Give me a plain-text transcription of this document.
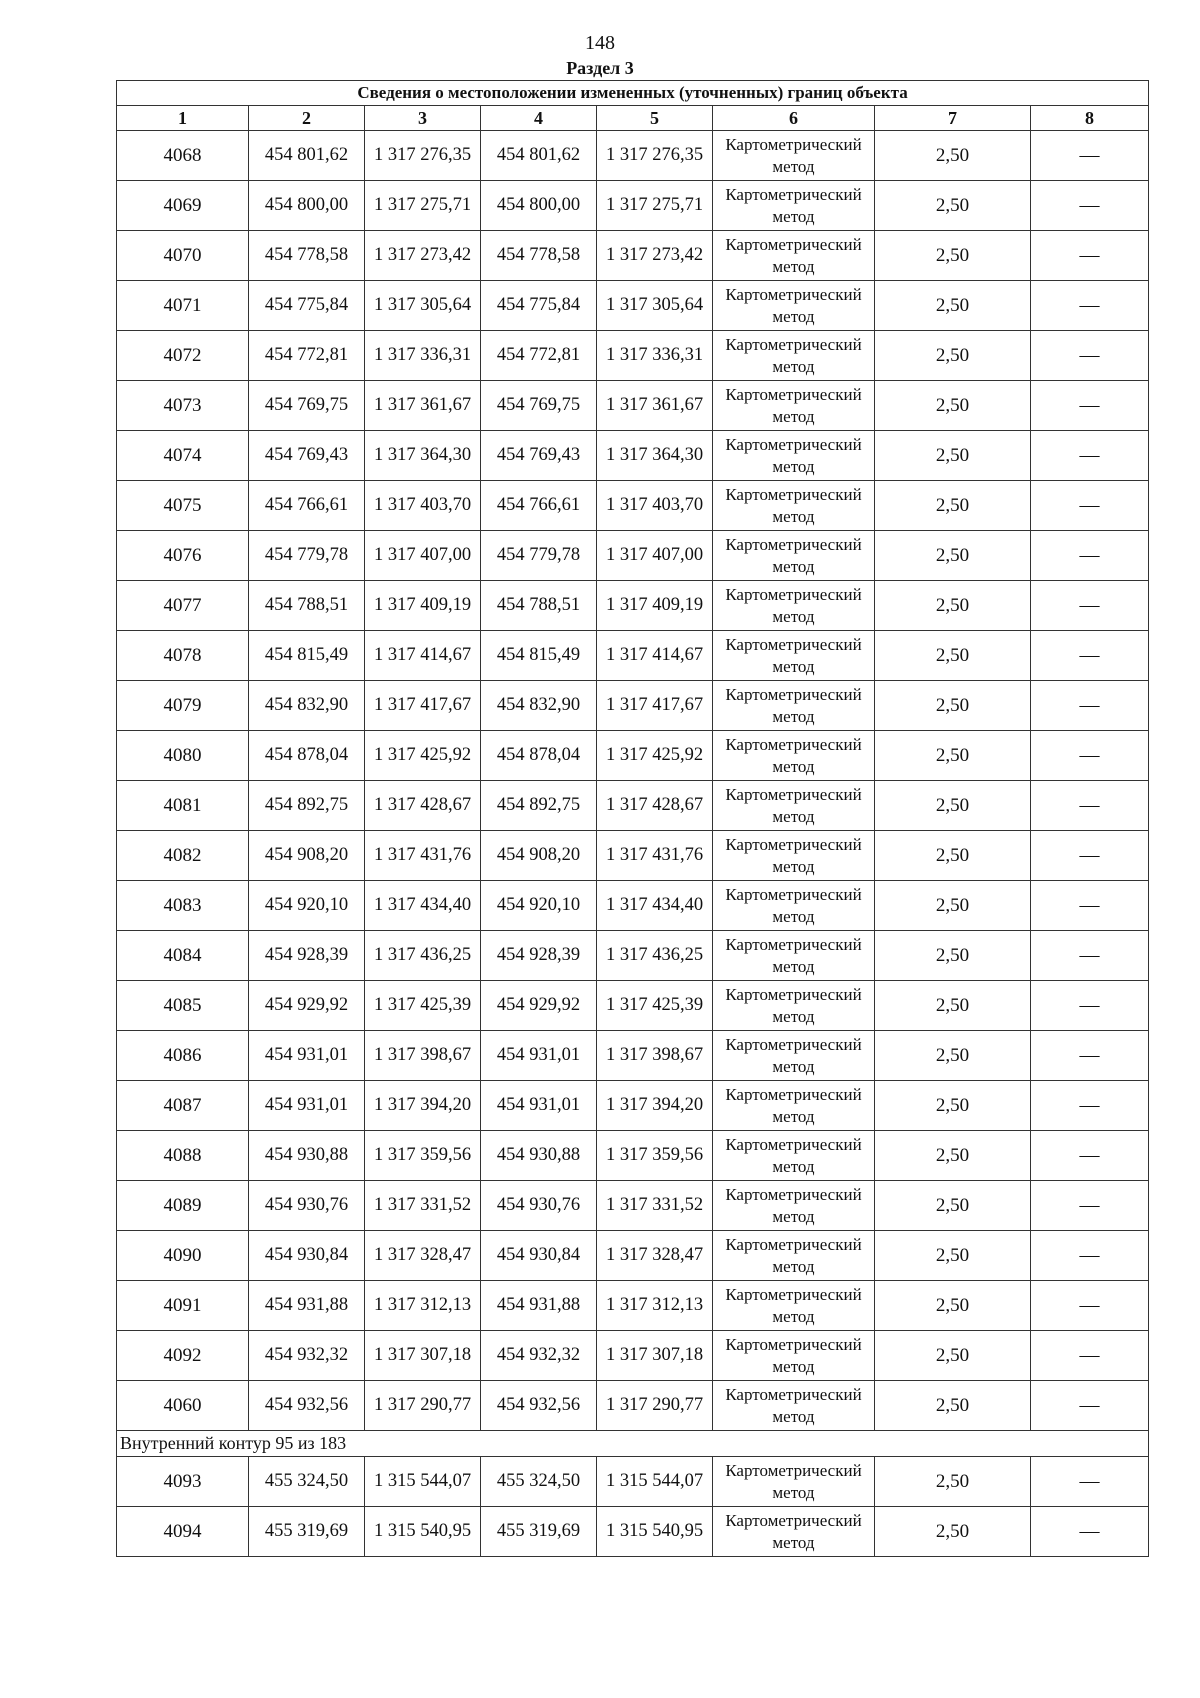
148
Раздел 3
Сведения о местоположении измененных (уточненных) границ объекта							
1	2	3	4	5	6	7	8
4068	454 801,62	1 317 276,35	454 801,62	1 317 276,35	Картометрический метод	2,50	—
4069	454 800,00	1 317 275,71	454 800,00	1 317 275,71	Картометрический метод	2,50	—
4070	454 778,58	1 317 273,42	454 778,58	1 317 273,42	Картометрический метод	2,50	—
4071	454 775,84	1 317 305,64	454 775,84	1 317 305,64	Картометрический метод	2,50	—
4072	454 772,81	1 317 336,31	454 772,81	1 317 336,31	Картометрический метод	2,50	—
4073	454 769,75	1 317 361,67	454 769,75	1 317 361,67	Картометрический метод	2,50	—
4074	454 769,43	1 317 364,30	454 769,43	1 317 364,30	Картометрический метод	2,50	—
4075	454 766,61	1 317 403,70	454 766,61	1 317 403,70	Картометрический метод	2,50	—
4076	454 779,78	1 317 407,00	454 779,78	1 317 407,00	Картометрический метод	2,50	—
4077	454 788,51	1 317 409,19	454 788,51	1 317 409,19	Картометрический метод	2,50	—
4078	454 815,49	1 317 414,67	454 815,49	1 317 414,67	Картометрический метод	2,50	—
4079	454 832,90	1 317 417,67	454 832,90	1 317 417,67	Картометрический метод	2,50	—
4080	454 878,04	1 317 425,92	454 878,04	1 317 425,92	Картометрический метод	2,50	—
4081	454 892,75	1 317 428,67	454 892,75	1 317 428,67	Картометрический метод	2,50	—
4082	454 908,20	1 317 431,76	454 908,20	1 317 431,76	Картометрический метод	2,50	—
4083	454 920,10	1 317 434,40	454 920,10	1 317 434,40	Картометрический метод	2,50	—
4084	454 928,39	1 317 436,25	454 928,39	1 317 436,25	Картометрический метод	2,50	—
4085	454 929,92	1 317 425,39	454 929,92	1 317 425,39	Картометрический метод	2,50	—
4086	454 931,01	1 317 398,67	454 931,01	1 317 398,67	Картометрический метод	2,50	—
4087	454 931,01	1 317 394,20	454 931,01	1 317 394,20	Картометрический метод	2,50	—
4088	454 930,88	1 317 359,56	454 930,88	1 317 359,56	Картометрический метод	2,50	—
4089	454 930,76	1 317 331,52	454 930,76	1 317 331,52	Картометрический метод	2,50	—
4090	454 930,84	1 317 328,47	454 930,84	1 317 328,47	Картометрический метод	2,50	—
4091	454 931,88	1 317 312,13	454 931,88	1 317 312,13	Картометрический метод	2,50	—
4092	454 932,32	1 317 307,18	454 932,32	1 317 307,18	Картометрический метод	2,50	—
4060	454 932,56	1 317 290,77	454 932,56	1 317 290,77	Картометрический метод	2,50	—
Внутренний контур 95 из 183							
4093	455 324,50	1 315 544,07	455 324,50	1 315 544,07	Картометрический метод	2,50	—
4094	455 319,69	1 315 540,95	455 319,69	1 315 540,95	Картометрический метод	2,50	—
